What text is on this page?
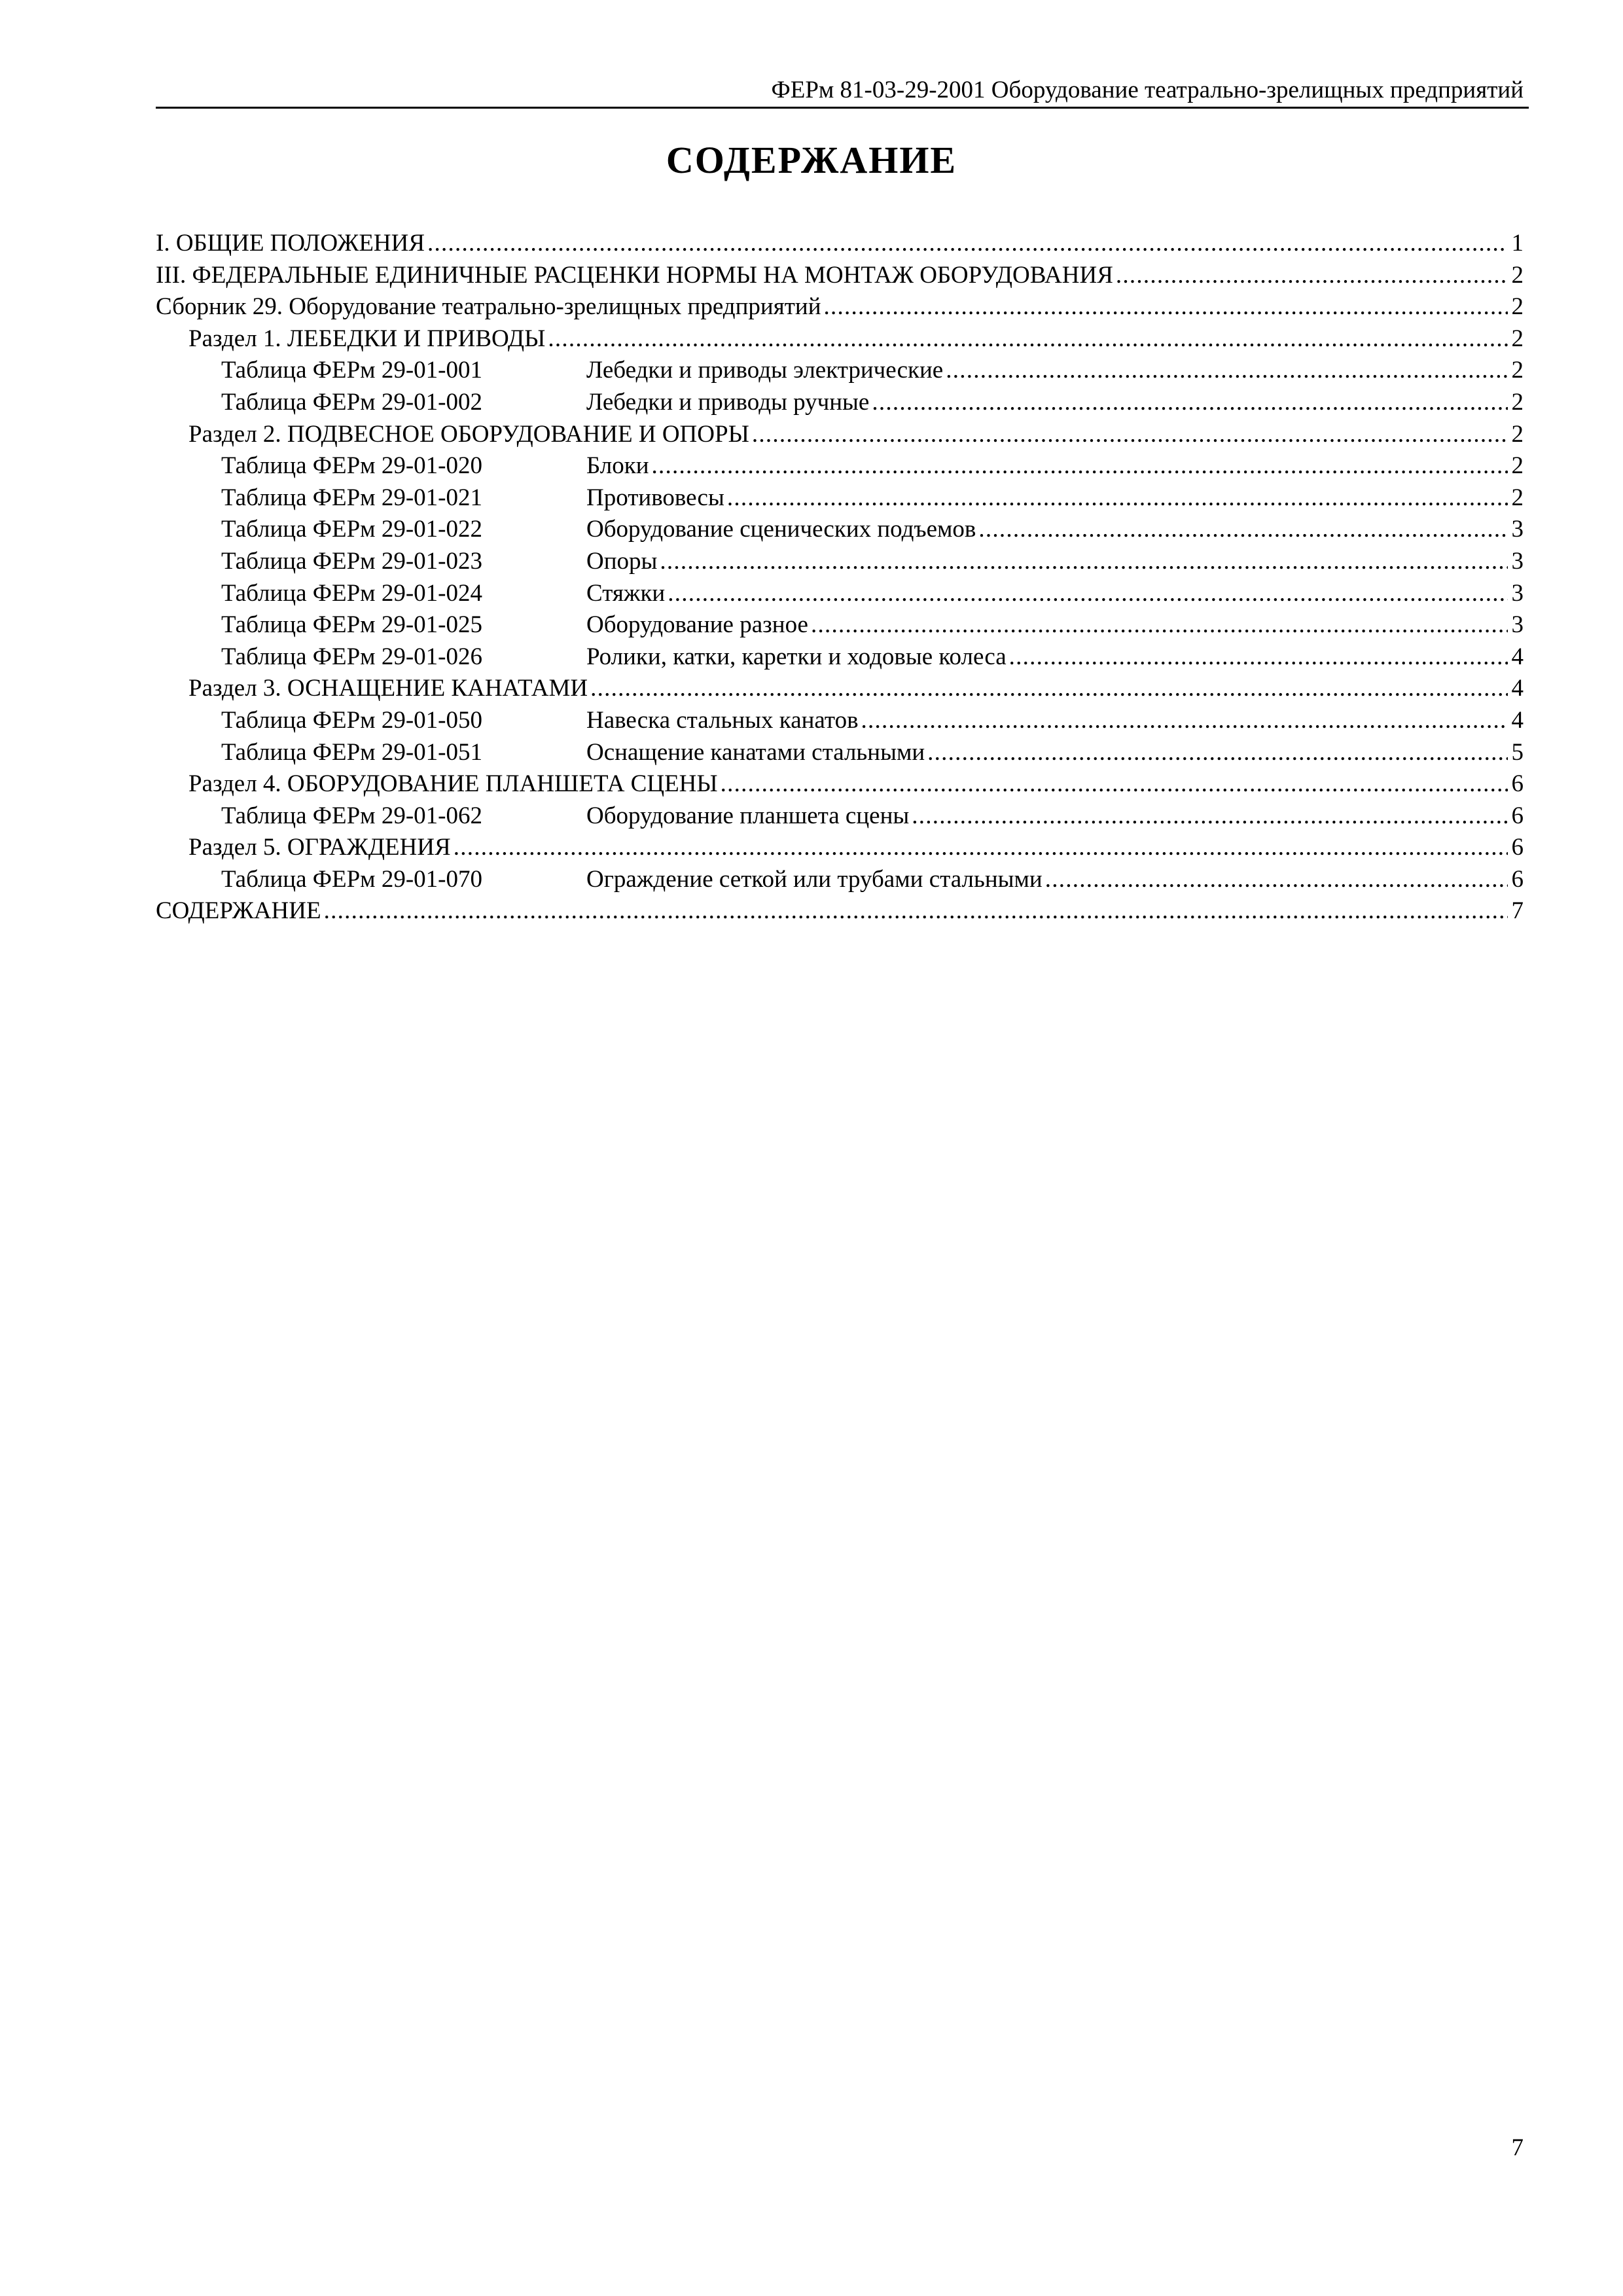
ФЕРм 81-03-29-2001 Оборудование театрально-зрелищных предприятий
СОДЕРЖАНИЕ
I. ОБЩИЕ ПОЛОЖЕНИЯ . . .	1
III. ФЕДЕРАЛЬНЫЕ ЕДИНИЧНЫЕ РАСЦЕНКИ НОРМЫ НА МОНТАЖ ОБОРУДОВАНИЯ . . .	2
Сборник 29. Оборудование театрально-зрелищных предприятий . . .	2
Раздел 1. ЛЕБЕДКИ И ПРИВОДЫ . . .	2
Таблица ФЕРм 29-01-001	Лебедки и приводы электрические . . .	2
Таблица ФЕРм 29-01-002	Лебедки и приводы ручные . . .	2
Раздел 2. ПОДВЕСНОЕ ОБОРУДОВАНИЕ И ОПОРЫ . . .	2
Таблица ФЕРм 29-01-020	Блоки . . .	2
Таблица ФЕРм 29-01-021	Противовесы . . .	2
Таблица ФЕРм 29-01-022	Оборудование сценических подъемов . . .	3
Таблица ФЕРм 29-01-023	Опоры . . .	3
Таблица ФЕРм 29-01-024	Стяжки . . .	3
Таблица ФЕРм 29-01-025	Оборудование разное . . .	3
Таблица ФЕРм 29-01-026	Ролики, катки, каретки и ходовые колеса . . .	4
Раздел 3. ОСНАЩЕНИЕ КАНАТАМИ . . .	4
Таблица ФЕРм 29-01-050	Навеска стальных канатов . . .	4
Таблица ФЕРм 29-01-051	Оснащение канатами стальными . . .	5
Раздел 4. ОБОРУДОВАНИЕ ПЛАНШЕТА СЦЕНЫ . . .	6
Таблица ФЕРм 29-01-062	Оборудование планшета сцены . . .	6
Раздел 5. ОГРАЖДЕНИЯ . . .	6
Таблица ФЕРм 29-01-070	Ограждение сеткой или трубами стальными . . .	6
СОДЕРЖАНИЕ . . .	7
7
